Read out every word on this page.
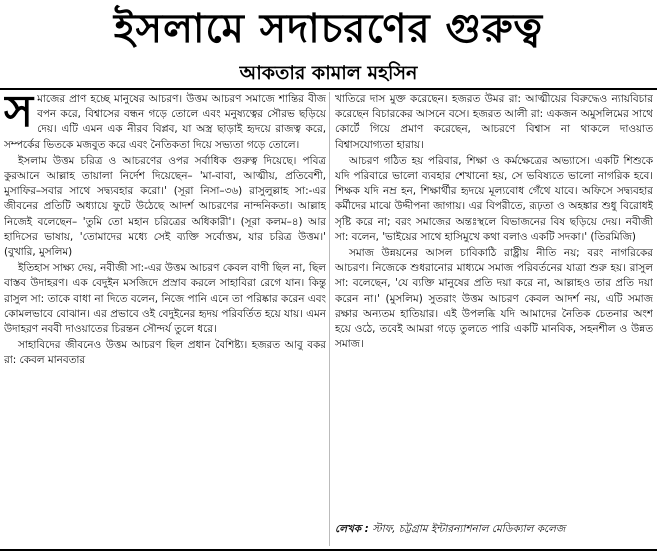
ইসলামে সদাচরণের গুরুত্ব
আকতার কামাল মহসিন

সমাজের প্রাণ হচ্ছে মানুষের আচরণ। উত্তম আচরণ সমাজে শান্তির বীজ বপন করে, বিশ্বাসের বন্ধন গড়ে তোলে এবং মনুষ্যত্বের সৌরভ ছড়িয়ে দেয়। এটি এমন এক নীরব বিপ্লব, যা অস্ত্র ছাড়াই হৃদয়ে রাজত্ব করে, সম্পর্কের ভিতকে মজবুত করে এবং নৈতিকতা দিয়ে সভ্যতা গড়ে তোলে।

ইসলাম উত্তম চরিত্র ও আচরণের ওপর সর্বাধিক গুরুত্ব দিয়েছে। পবিত্র কুরআনে আল্লাহ তায়ালা নির্দেশ দিয়েছেন– 'মা-বাবা, আত্মীয়, প্রতিবেশী, মুসাফির–সবার সাথে সদ্ব্যবহার করো।' (সূরা নিসা–৩৬) রাসুলুল্লাহ সা:-এর জীবনের প্রতিটি অধ্যায়ে ফুটে উঠেছে আদর্শ আচরণের নান্দনিকতা। আল্লাহ নিজেই বলেছেন– 'তুমি তো মহান চরিত্রের অধিকারী'। (সূরা কলম–৪) আর হাদিসের ভাষায়, 'তোমাদের মধ্যে সেই ব্যক্তি সর্বোত্তম, যার চরিত্র উত্তম।' (বুখারি, মুসলিম)

ইতিহাস সাক্ষ্য দেয়, নবীজী সা:-এর উত্তম আচরণ কেবল বাণী ছিল না, ছিল বাস্তব উদাহরণ। এক বেদুইন মসজিদে প্রস্রাব করলে সাহাবিরা রেগে যান। কিন্তু রাসুল সা: তাকে বাধা না দিতে বলেন, নিজে পানি এনে তা পরিষ্কার করেন এবং কোমলভাবে বোঝান। এর প্রভাবে ওই বেদুইনের হৃদয় পরিবর্তিত হয়ে যায়। এমন উদাহরণ নববী দাওয়াতের চিরন্তন সৌন্দর্য তুলে ধরে।

সাহাবিদের জীবনেও উত্তম আচরণ ছিল প্রধান বৈশিষ্ট্য। হজরত আবু বকর রা: কেবল মানবতার

খাতিরে দাস মুক্ত করেছেন। হজরত উমর রা: আত্মীয়ের বিরুদ্ধেও ন্যায়বিচার করেছেন বিচারকের আসনে বসে। হজরত আলী রা: একজন অমুসলিমের সাথে কোর্টে গিয়ে প্রমাণ করেছেন, আচরণে বিশ্বাস না থাকলে দাওয়াত বিশ্বাসযোগ্যতা হারায়।

আচরণ গঠিত হয় পরিবার, শিক্ষা ও কর্মক্ষেত্রের অভ্যাসে। একটি শিশুকে যদি পরিবারে ভালো ব্যবহার শেখানো হয়, সে ভবিষ্যতে ভালো নাগরিক হবে। শিক্ষক যদি নম্র হন, শিক্ষার্থীর হৃদয়ে মূল্যবোধ গেঁথে যাবে। অফিসে সদ্ব্যবহার কর্মীদের মাঝে উদ্দীপনা জাগায়। এর বিপরীতে, রূঢ়তা ও অহঙ্কার শুধু বিরোধই সৃষ্টি করে না; বরং সমাজের অন্তঃস্থলে বিভাজনের বিষ ছড়িয়ে দেয়। নবীজী সা: বলেন, 'ভাইয়ের সাথে হাসিমুখে কথা বলাও একটি সদকা।' (তিরমিজি)

সমাজ উন্নয়নের আসল চাবিকাঠি রাষ্ট্রীয় নীতি নয়; বরং নাগরিকের আচরণ। নিজেকে শুধরানোর মাধ্যমে সমাজ পরিবর্তনের যাত্রা শুরু হয়। রাসুল সা: বলেছেন, 'যে ব্যক্তি মানুষের প্রতি দয়া করে না, আল্লাহও তার প্রতি দয়া করেন না।' (মুসলিম) সুতরাং উত্তম আচরণ কেবল আদর্শ নয়, এটি সমাজ রক্ষার অন্যতম হাতিয়ার। এই উপলব্ধি যদি আমাদের নৈতিক চেতনার অংশ হয়ে ওঠে, তবেই আমরা গড়ে তুলতে পারি একটি মানবিক, সহনশীল ও উন্নত সমাজ।

লেখক : স্টাফ, চট্টগ্রাম ইন্টারন্যাশনাল মেডিক্যাল কলেজ
